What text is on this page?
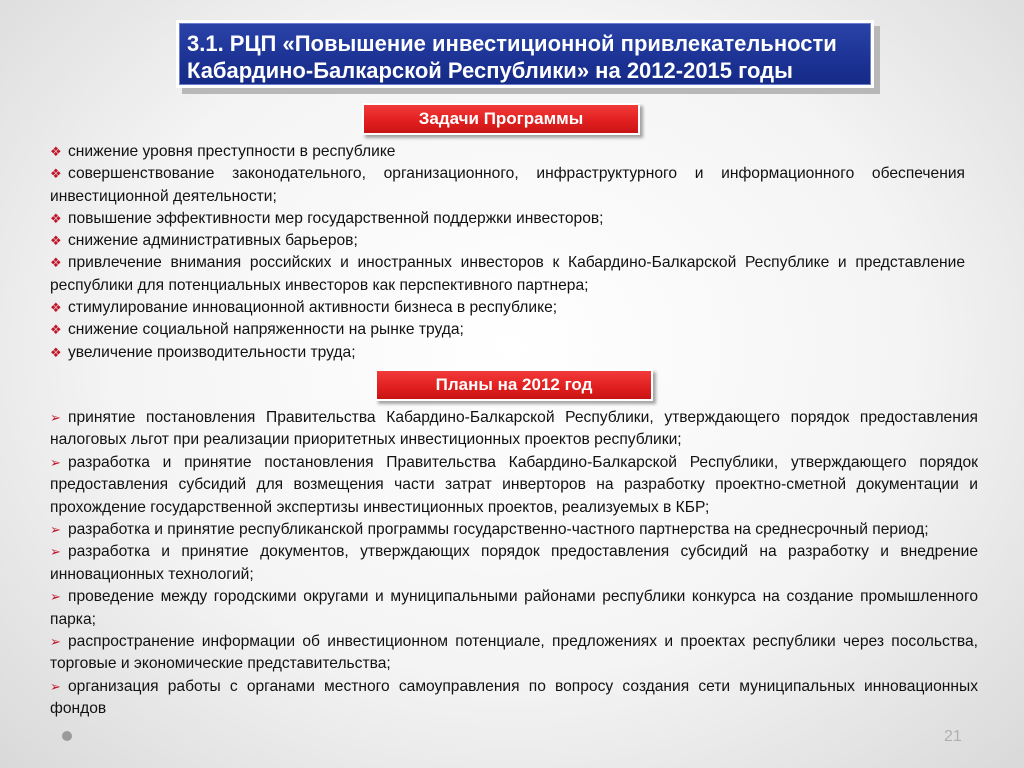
3.1. РЦП «Повышение инвестиционной привлекательности Кабардино-Балкарской Республики» на 2012-2015 годы
Задачи Программы
❖ снижение уровня преступности в республике
❖ совершенствование законодательного, организационного, инфраструктурного и информационного обеспечения инвестиционной деятельности;
❖ повышение эффективности мер государственной поддержки инвесторов;
❖ снижение административных барьеров;
❖ привлечение внимания российских и иностранных инвесторов к Кабардино-Балкарской Республике и представление республики для потенциальных инвесторов как перспективного партнера;
❖ стимулирование инновационной активности бизнеса в республике;
❖ снижение социальной напряженности на рынке труда;
❖ увеличение производительности труда;
Планы на 2012 год
➢ принятие постановления Правительства Кабардино-Балкарской Республики, утверждающего порядок предоставления налоговых льгот при реализации приоритетных инвестиционных проектов республики;
➢ разработка и принятие постановления Правительства Кабардино-Балкарской Республики, утверждающего порядок предоставления субсидий для возмещения части затрат инверторов на разработку проектно-сметной документации и прохождение государственной экспертизы инвестиционных проектов, реализуемых в КБР;
➢ разработка и принятие республиканской программы государственно-частного партнерства на среднесрочный период;
➢ разработка и принятие документов, утверждающих порядок предоставления субсидий на разработку и внедрение инновационных технологий;
➢ проведение между городскими округами и муниципальными районами республики конкурса на создание промышленного парка;
➢ распространение информации об инвестиционном потенциале, предложениях и проектах республики через посольства, торговые и экономические представительства;
➢ организация работы с органами местного самоуправления по вопросу создания сети муниципальных инновационных фондов
21
